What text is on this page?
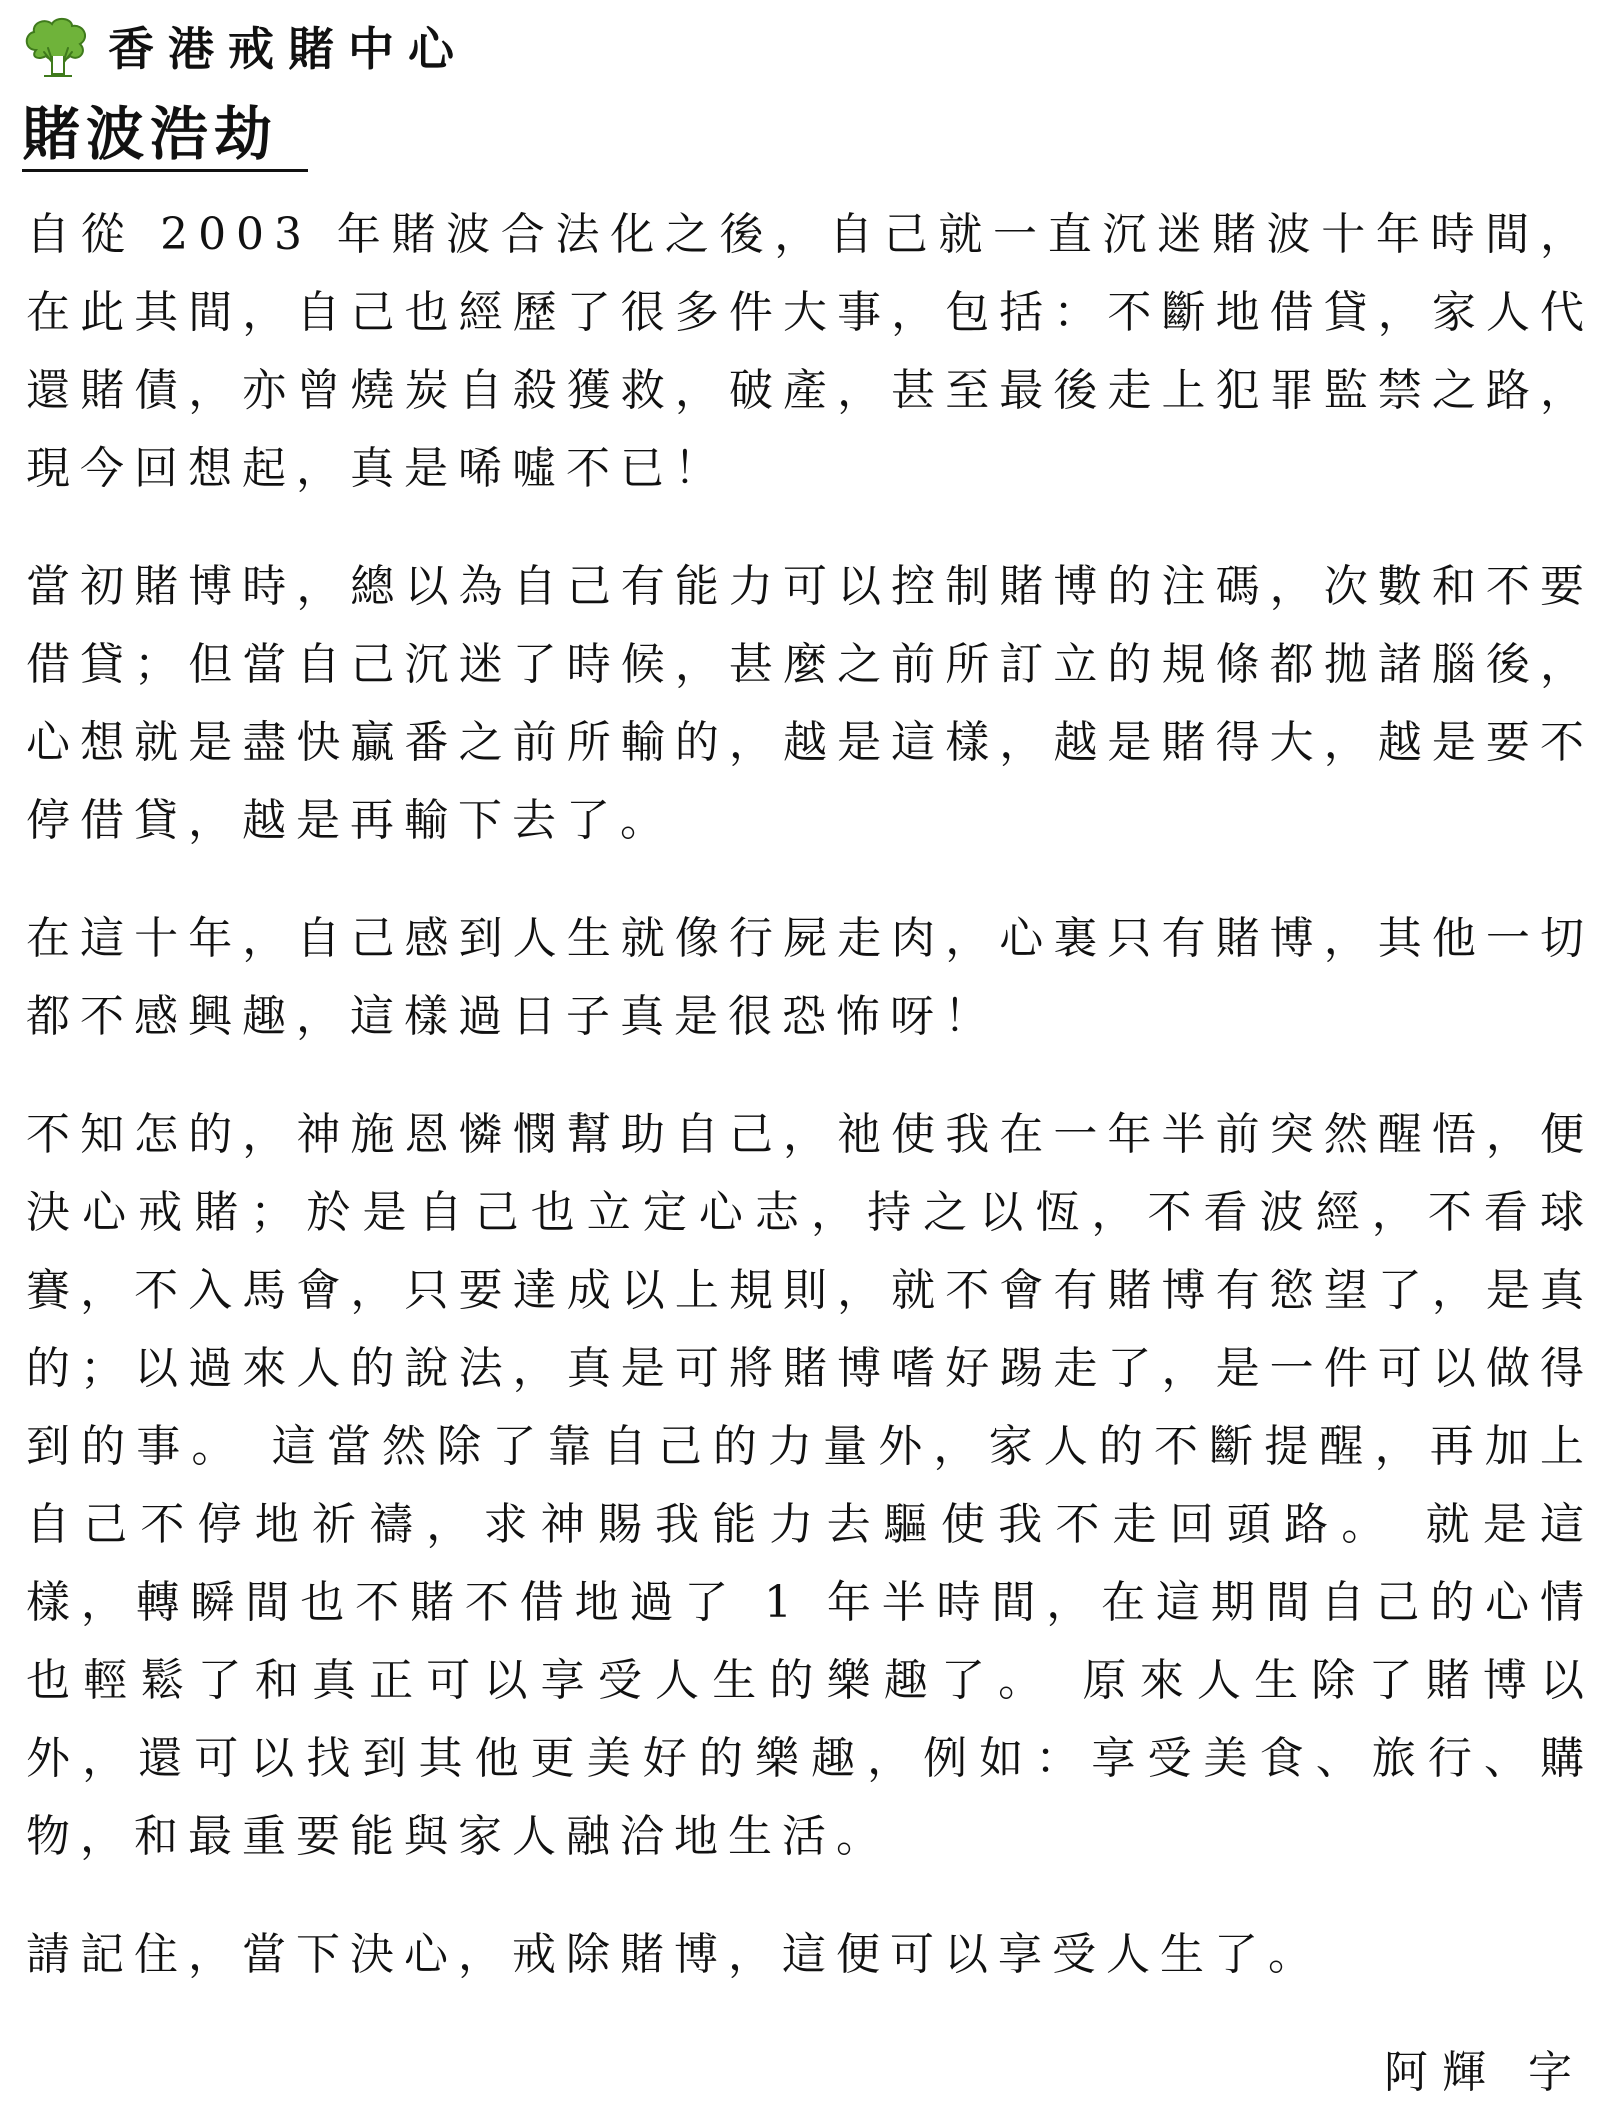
香港戒賭中心
賭波浩劫

自從 2003 年賭波合法化之後，自己就一直沉迷賭波十年時間，在此其間，自己也經歷了很多件大事，包括：不斷地借貸，家人代還賭債，亦曾燒炭自殺獲救，破產，甚至最後走上犯罪監禁之路，現今回想起，真是唏噓不已！

當初賭博時，總以為自己有能力可以控制賭博的注碼，次數和不要借貸；但當自己沉迷了時候，甚麼之前所訂立的規條都拋諸腦後，心想就是盡快贏番之前所輸的，越是這樣，越是賭得大，越是要不停借貸，越是再輸下去了。

在這十年，自己感到人生就像行屍走肉，心裏只有賭博，其他一切都不感興趣，這樣過日子真是很恐怖呀！

不知怎的，神施恩憐憫幫助自己，祂使我在一年半前突然醒悟，便決心戒賭；於是自己也立定心志，持之以恆，不看波經，不看球賽，不入馬會，只要達成以上規則，就不會有賭博有慾望了，是真的；以過來人的說法，真是可將賭博嗜好踢走了，是一件可以做得到的事。 這當然除了靠自己的力量外，家人的不斷提醒，再加上自己不停地祈禱，求神賜我能力去驅使我不走回頭路。 就是這樣，轉瞬間也不賭不借地過了 1 年半時間，在這期間自己的心情也輕鬆了和真正可以享受人生的樂趣了。 原來人生除了賭博以外，還可以找到其他更美好的樂趣，例如：享受美食、旅行、購物，和最重要能與家人融洽地生活。

請記住，當下決心，戒除賭博，這便可以享受人生了。

阿輝 字
